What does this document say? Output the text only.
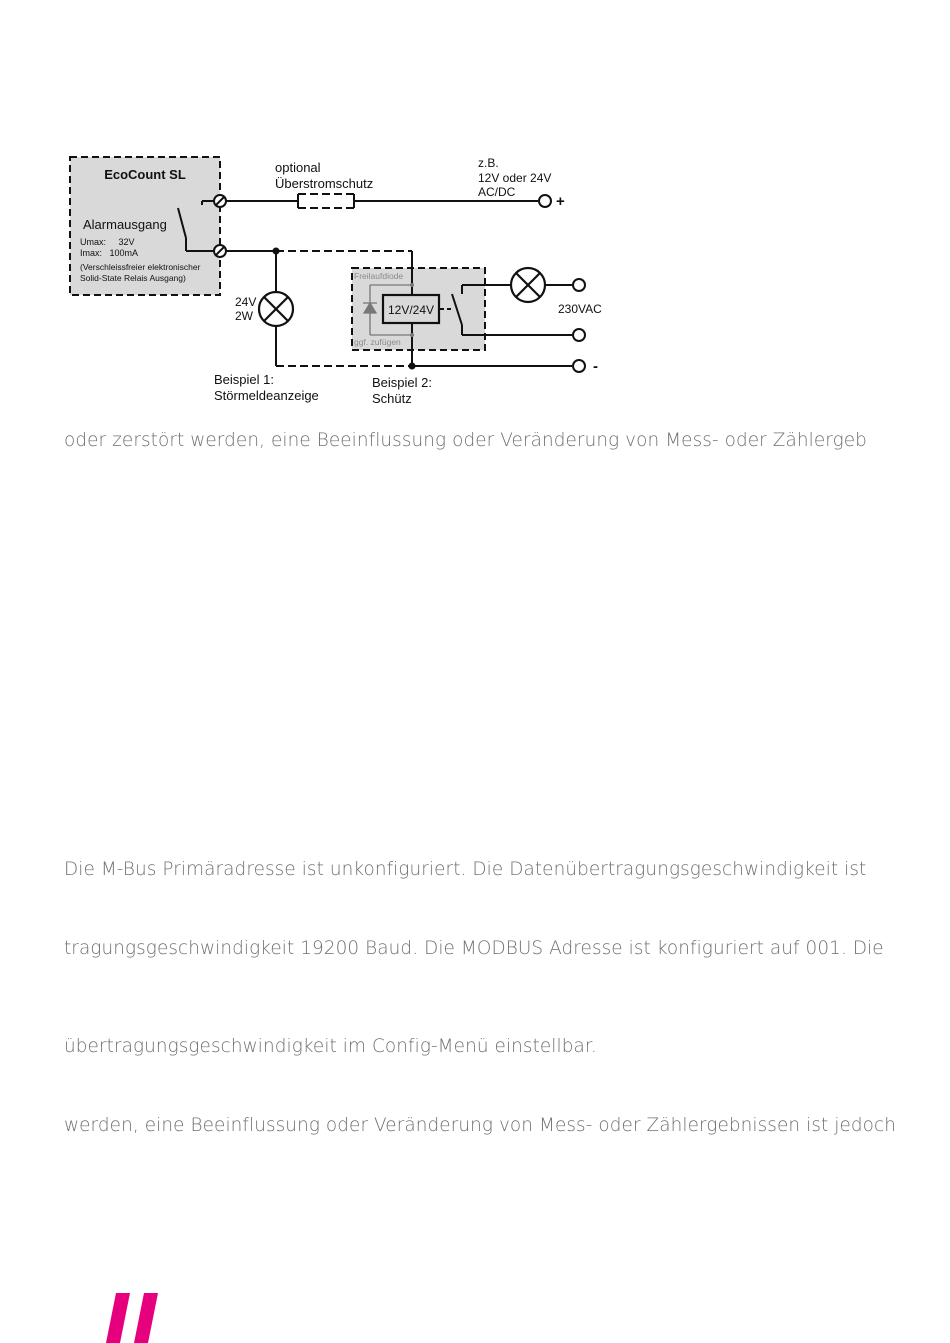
EcoCount SL
Alarmausgang
Umax:     32V
Imax:   100mA
(Verschleissfreier elektronischer
Solid-State Relais Ausgang)
+
optional
Überstromschutz
z.B.
12V oder 24V
AC/DC
24V
2W
-
Freilaufdiode
ggf. zufügen
12V/24V	230VAC
Beispiel 1:
Störmeldeanzeige
Beispiel 2:
Schütz

oder zerstört werden, eine Beeinflussung oder Veränderung von Mess- oder Zählergeb

Die M-Bus Primäradresse ist unkonfiguriert. Die Datenübertragungsgeschwindigkeit ist

tragungsgeschwindigkeit 19200 Baud. Die MODBUS Adresse ist konfiguriert auf 001. Die

übertragungsgeschwindigkeit im Config-Menü einstellbar.

werden, eine Beeinflussung oder Veränderung von Mess- oder Zählergebnissen ist jedoch
